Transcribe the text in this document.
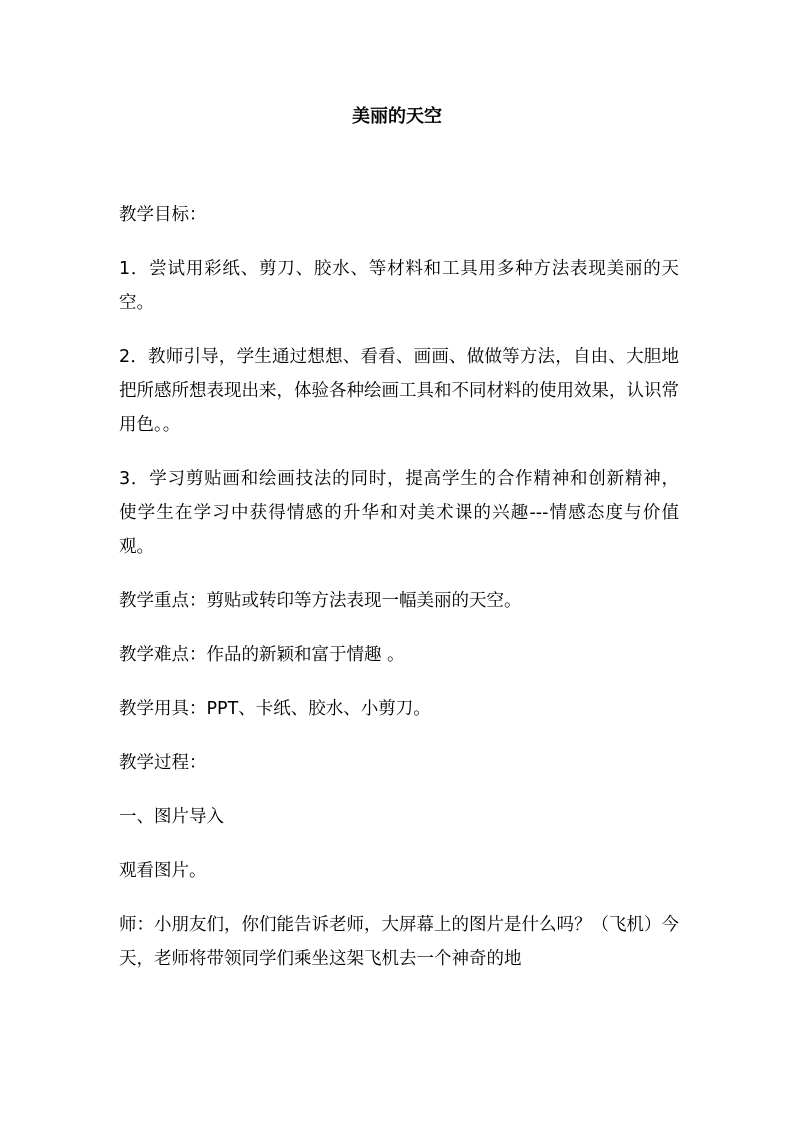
美丽的天空

教学目标：

1．尝试用彩纸、剪刀、胶水、等材料和工具用多种方法表现美丽的天空。

2．教师引导，学生通过想想、看看、画画、做做等方法，自由、大胆地把所感所想表现出来，体验各种绘画工具和不同材料的使用效果，认识常用色。。

3．学习剪贴画和绘画技法的同时，提高学生的合作精神和创新精神，  使学生在学习中获得情感的升华和对美术课的兴趣---情感态度与价值观。

教学重点：剪贴或转印等方法表现一幅美丽的天空。

教学难点：作品的新颖和富于情趣 。

教学用具：PPT、卡纸、胶水、小剪刀。

教学过程：

一、图片导入

观看图片。

师：小朋友们，你们能告诉老师，大屏幕上的图片是什么吗？（飞机）今天，老师将带领同学们乘坐这架飞机去一个神奇的地
